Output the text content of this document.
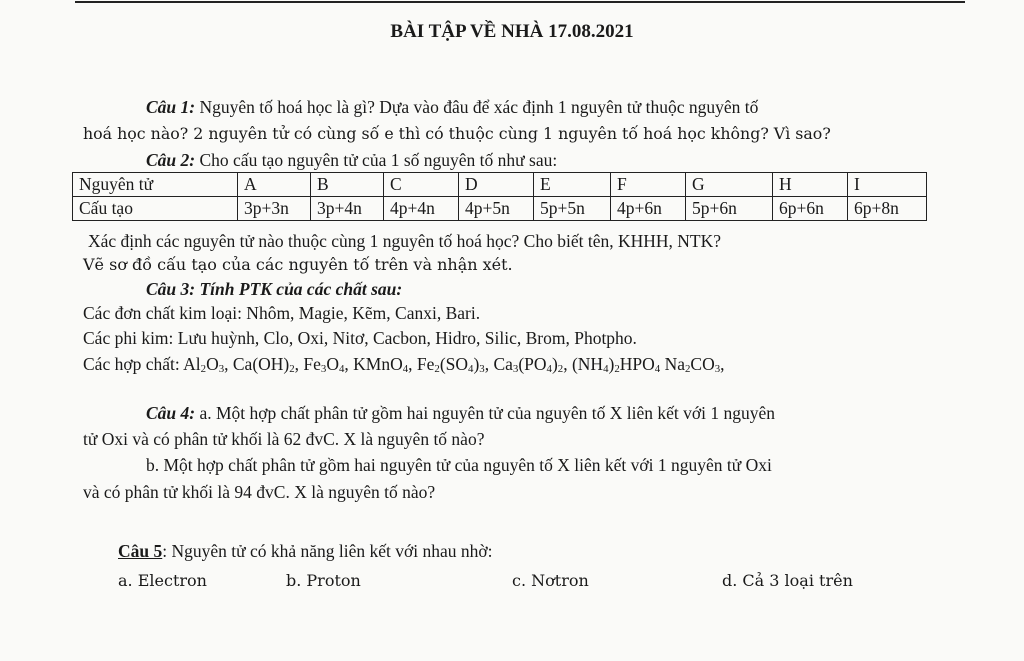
BÀI TẬP VỀ NHÀ 17.08.2021
Câu 1: Nguyên tố hoá học là gì? Dựa vào đâu để xác định 1 nguyên tử thuộc nguyên tố
hoá học nào? 2 nguyên tử có cùng số e thì có thuộc cùng 1 nguyên tố hoá học không? Vì sao?
Câu 2: Cho cấu tạo nguyên tử của 1 số nguyên tố như sau:
Nguyên tử	A	B	C	D	E	F	G	H	I
Cấu tạo	3p+3n	3p+4n	4p+4n	4p+5n	5p+5n	4p+6n	5p+6n	6p+6n	6p+8n
Xác định các nguyên tử nào thuộc cùng 1 nguyên tố hoá học? Cho biết tên, KHHH, NTK?
Vẽ sơ đồ cấu tạo của các nguyên tố trên và nhận xét.
Câu 3: Tính PTK của các chất sau:
Các đơn chất kim loại: Nhôm, Magie, Kẽm, Canxi, Bari.
Các phi kim: Lưu huỳnh, Clo, Oxi, Nitơ, Cacbon, Hidro, Silic, Brom, Photpho.
Các hợp chất: $Al_2O_3$, $Ca(OH)_2$, $Fe_3O_4$, KMnO$_4$, $Fe_2(SO_4)_3$, $Ca_3(PO_4)_2$, $(NH_4)_2HPO_4$ $Na_2CO_3$,
Câu 4: a. Một hợp chất phân tử gồm hai nguyên tử của nguyên tố X liên kết với 1 nguyên
tử Oxi và có phân tử khối là 62 đvC. X là nguyên tố nào?
b. Một hợp chất phân tử gồm hai nguyên tử của nguyên tố X liên kết với 1 nguyên tử Oxi
và có phân tử khối là 94 đvC. X là nguyên tố nào?
Câu 5: Nguyên tử có khả năng liên kết với nhau nhờ:
a. Electron	b. Proton	c. Nơtron	d. Cả 3 loại trên
